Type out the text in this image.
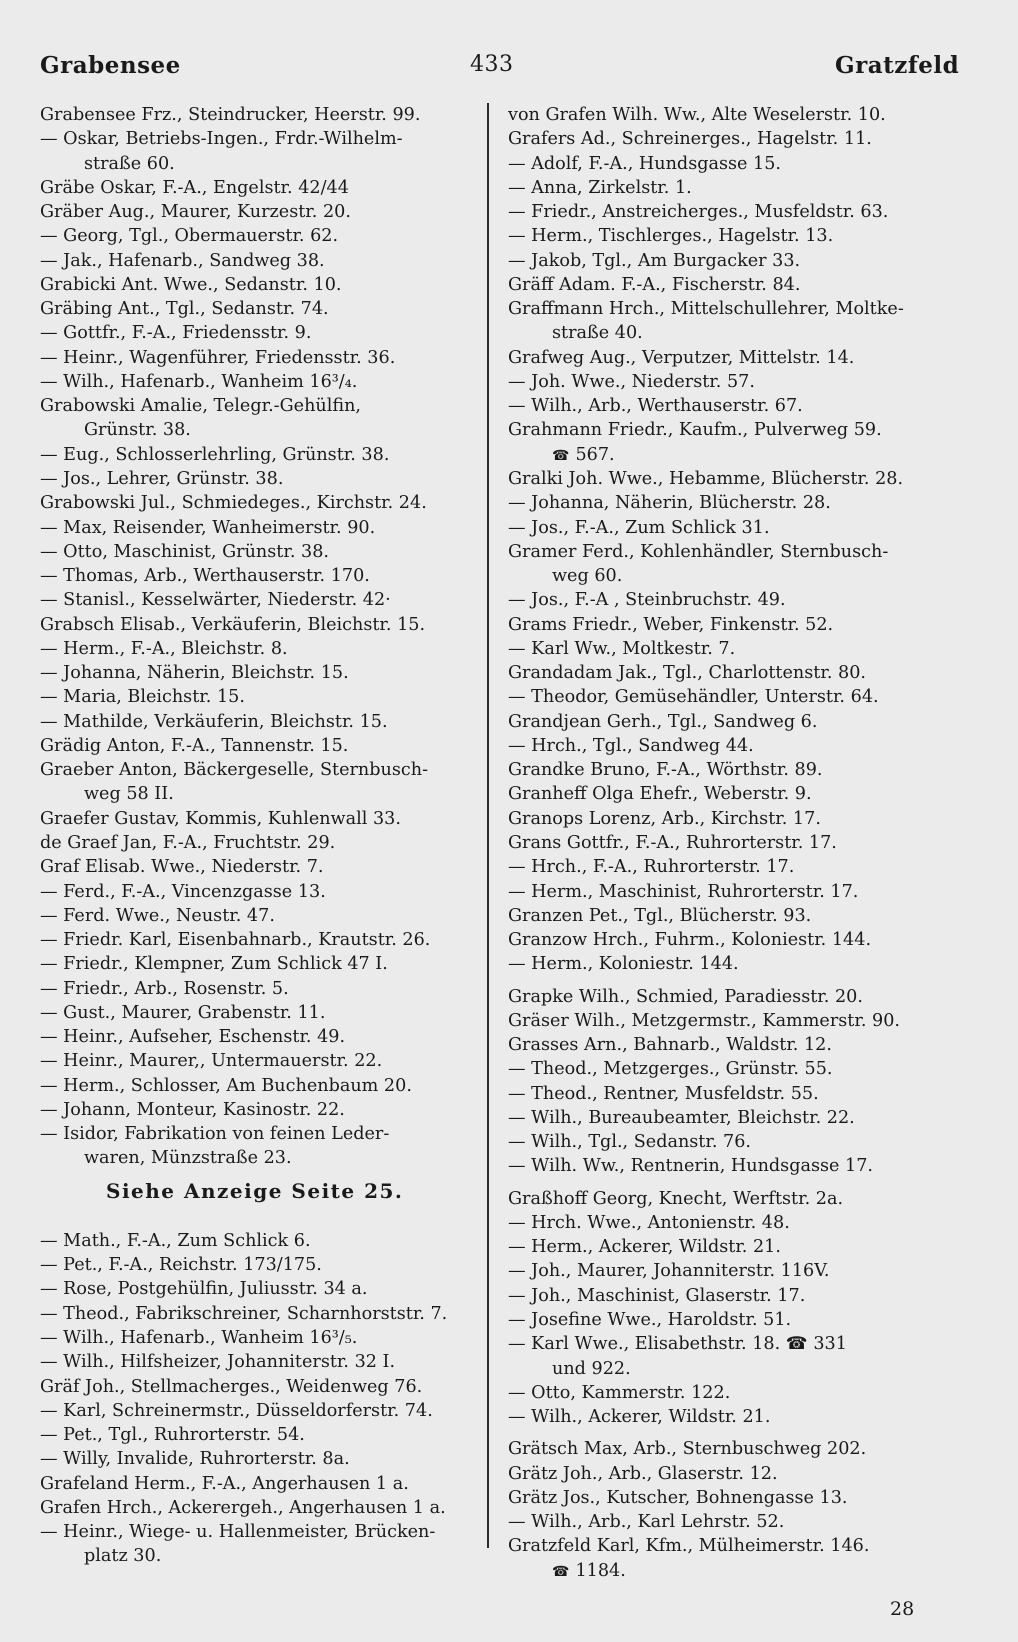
Grabensee	433	Gratzfeld
Grabensee Frz., Steindrucker, Heerstr. 99.
— Oskar, Betriebs-Ingen., Frdr.-Wilhelm-
straße 60.
Gräbe Oskar, F.-A., Engelstr. 42/44
Gräber Aug., Maurer, Kurzestr. 20.
— Georg, Tgl., Obermauerstr. 62.
— Jak., Hafenarb., Sandweg 38.
Grabicki Ant. Wwe., Sedanstr. 10.
Gräbing Ant., Tgl., Sedanstr. 74.
— Gottfr., F.-A., Friedensstr. 9.
— Heinr., Wagenführer, Friedensstr. 36.
— Wilh., Hafenarb., Wanheim 16³/₄.
Grabowski Amalie, Telegr.-Gehülfin,
Grünstr. 38.
— Eug., Schlosserlehrling, Grünstr. 38.
— Jos., Lehrer, Grünstr. 38.
Grabowski Jul., Schmiedeges., Kirchstr. 24.
— Max, Reisender, Wanheimerstr. 90.
— Otto, Maschinist, Grünstr. 38.
— Thomas, Arb., Werthauserstr. 170.
— Stanisl., Kesselwärter, Niederstr. 42·
Grabsch Elisab., Verkäuferin, Bleichstr. 15.
— Herm., F.-A., Bleichstr. 8.
— Johanna, Näherin, Bleichstr. 15.
— Maria, Bleichstr. 15.
— Mathilde, Verkäuferin, Bleichstr. 15.
Grädig Anton, F.-A., Tannenstr. 15.
Graeber Anton, Bäckergeselle, Sternbusch-
weg 58 II.
Graefer Gustav, Kommis, Kuhlenwall 33.
de Graef Jan, F.-A., Fruchtstr. 29.
Graf Elisab. Wwe., Niederstr. 7.
— Ferd., F.-A., Vincenzgasse 13.
— Ferd. Wwe., Neustr. 47.
— Friedr. Karl, Eisenbahnarb., Krautstr. 26.
— Friedr., Klempner, Zum Schlick 47 I.
— Friedr., Arb., Rosenstr. 5.
— Gust., Maurer, Grabenstr. 11.
— Heinr., Aufseher, Eschenstr. 49.
— Heinr., Maurer,, Untermauerstr. 22.
— Herm., Schlosser, Am Buchenbaum 20.
— Johann, Monteur, Kasinostr. 22.
— Isidor, Fabrikation von feinen Leder-
waren, Münzstraße 23.
Siehe Anzeige Seite 25.
— Math., F.-A., Zum Schlick 6.
— Pet., F.-A., Reichstr. 173/175.
— Rose, Postgehülfin, Juliusstr. 34 a.
— Theod., Fabrikschreiner, Scharnhorststr. 7.
— Wilh., Hafenarb., Wanheim 16³/₅.
— Wilh., Hilfsheizer, Johanniterstr. 32 I.
Gräf Joh., Stellmacherges., Weidenweg 76.
— Karl, Schreinermstr., Düsseldorferstr. 74.
— Pet., Tgl., Ruhrorterstr. 54.
— Willy, Invalide, Ruhrorterstr. 8a.
Grafeland Herm., F.-A., Angerhausen 1 a.
Grafen Hrch., Ackerergeh., Angerhausen 1 a.
— Heinr., Wiege- u. Hallenmeister, Brücken-
platz 30.
von Grafen Wilh. Ww., Alte Weselerstr. 10.
Grafers Ad., Schreinerges., Hagelstr. 11.
— Adolf, F.-A., Hundsgasse 15.
— Anna, Zirkelstr. 1.
— Friedr., Anstreicherges., Musfeldstr. 63.
— Herm., Tischlerges., Hagelstr. 13.
— Jakob, Tgl., Am Burgacker 33.
Gräff Adam. F.-A., Fischerstr. 84.
Graffmann Hrch., Mittelschullehrer, Moltke-
straße 40.
Grafweg Aug., Verputzer, Mittelstr. 14.
— Joh. Wwe., Niederstr. 57.
— Wilh., Arb., Werthauserstr. 67.
Grahmann Friedr., Kaufm., Pulverweg 59.
☎ 567.
Gralki Joh. Wwe., Hebamme, Blücherstr. 28.
— Johanna, Näherin, Blücherstr. 28.
— Jos., F.-A., Zum Schlick 31.
Gramer Ferd., Kohlenhändler, Sternbusch-
weg 60.
— Jos., F.-A , Steinbruchstr. 49.
Grams Friedr., Weber, Finkenstr. 52.
— Karl Ww., Moltkestr. 7.
Grandadam Jak., Tgl., Charlottenstr. 80.
— Theodor, Gemüsehändler, Unterstr. 64.
Grandjean Gerh., Tgl., Sandweg 6.
— Hrch., Tgl., Sandweg 44.
Grandke Bruno, F.-A., Wörthstr. 89.
Granheff Olga Ehefr., Weberstr. 9.
Granops Lorenz, Arb., Kirchstr. 17.
Grans Gottfr., F.-A., Ruhrorterstr. 17.
— Hrch., F.-A., Ruhrorterstr. 17.
— Herm., Maschinist, Ruhrorterstr. 17.
Granzen Pet., Tgl., Blücherstr. 93.
Granzow Hrch., Fuhrm., Koloniestr. 144.
— Herm., Koloniestr. 144.
Grapke Wilh., Schmied, Paradiesstr. 20.
Gräser Wilh., Metzgermstr., Kammerstr. 90.
Grasses Arn., Bahnarb., Waldstr. 12.
— Theod., Metzgerges., Grünstr. 55.
— Theod., Rentner, Musfeldstr. 55.
— Wilh., Bureaubeamter, Bleichstr. 22.
— Wilh., Tgl., Sedanstr. 76.
— Wilh. Ww., Rentnerin, Hundsgasse 17.
Graßhoff Georg, Knecht, Werftstr. 2a.
— Hrch. Wwe., Antonienstr. 48.
— Herm., Ackerer, Wildstr. 21.
— Joh., Maurer, Johanniterstr. 116V.
— Joh., Maschinist, Glaserstr. 17.
— Josefine Wwe., Haroldstr. 51.
— Karl Wwe., Elisabethstr. 18. ☎ 331
und 922.
— Otto, Kammerstr. 122.
— Wilh., Ackerer, Wildstr. 21.
Grätsch Max, Arb., Sternbuschweg 202.
Grätz Joh., Arb., Glaserstr. 12.
Grätz Jos., Kutscher, Bohnengasse 13.
— Wilh., Arb., Karl Lehrstr. 52.
Gratzfeld Karl, Kfm., Mülheimerstr. 146.
☎ 1184.
28
